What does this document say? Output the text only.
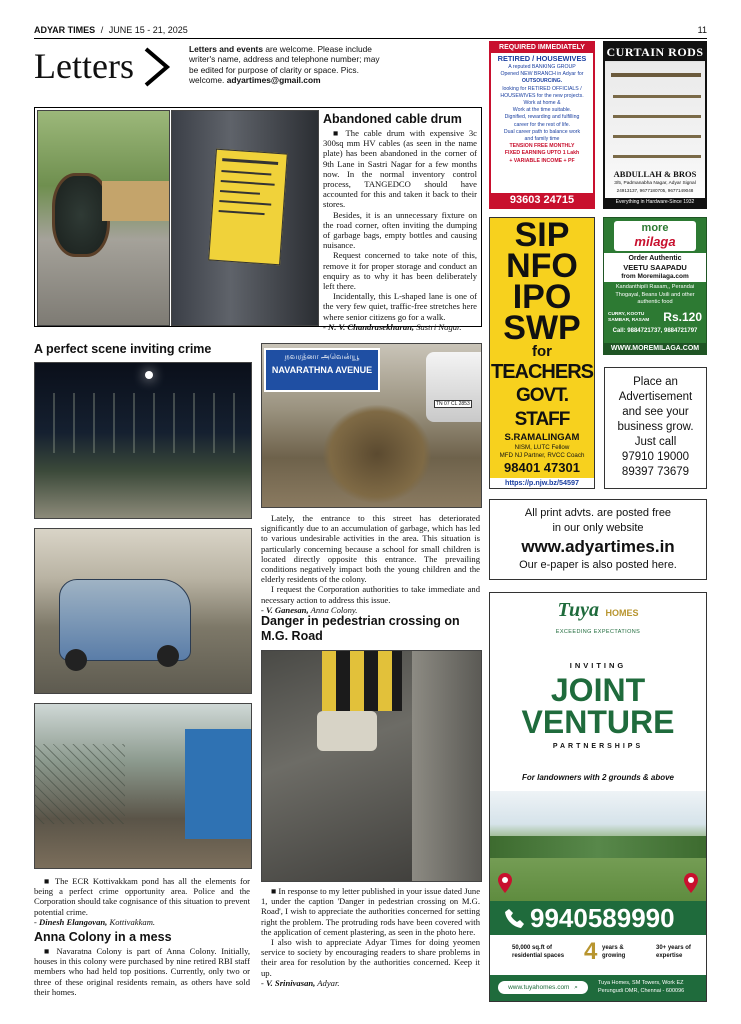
ADYAR TIMES / JUNE 15 - 21, 2025	11
Letters	Letters and events are welcome. Please include writer's name, address and telephone number; may be edited for purpose of clarity or space. Pics. welcome. adyartimes@gmail.com
Abandoned cable drum

■ The cable drum with expensive 3c 300sq mm HV cables (as seen in the name plate) has been abandoned in the corner of 9th Lane in Sastri Nagar for a few months now. In the normal inventory control process, TANGEDCO should have accounted for this and taken it back to their stores.

Besides, it is an unnecessary fixture on the road corner, often inviting the dumping of garbage bags, empty bottles and causing nuisance.

Request concerned to take note of this, remove it for proper storage and conduct an enquiry as to why it has been deliberately left there.

Incidentally, this L-shaped lane is one of the very few quiet, traffic-free stretches here where senior citizens go for a walk.

- N. V. Chandrasekharan, Sastri Nagar.
A perfect scene inviting crime

■ The ECR Kottivakkam pond has all the elements for being a perfect crime opportunity area. Police and the Corporation should take cognisance of this situation to prevent potential crime.

- Dinesh Elangovan, Kottivakkam.
Anna Colony in a mess

■ Navaratna Colony is part of Anna Colony. Initially, houses in this colony were purchased by nine retired RBI staff members who had held top positions. Currently, only two or three of these original residents remain, as others have sold their homes.

நவரத்னா அவென்யூ
NAVARATHNA AVENUE
TN 07 CL 2853

Lately, the entrance to this street has deteriorated significantly due to an accumulation of garbage, which has led to various undesirable activities in the area. This situation is particularly concerning because a school for small children is located directly opposite this entrance. The prevailing conditions negatively impact both the young children and the elderly residents of the colony.

I request the Corporation authorities to take immediate and necessary action to address this issue.

- V. Ganesan, Anna Colony.
Danger in pedestrian crossing on M.G. Road

■ In response to my letter published in your issue dated June 1, under the caption 'Danger in pedestrian crossing on M.G. Road', I wish to appreciate the authorities concerned for setting right the problem. The protruding rods have been covered with the application of cement plastering, as seen in the photo here.

I also wish to appreciate Adyar Times for doing yeomen service to society by encouraging readers to share problems in their area for resolution by the authorities concerned. Keep it up.

- V. Srinivasan, Adyar.
REQUIRED IMMEDIATELY
RETIRED / HOUSEWIVES
A reputed BANKING GROUP
Opened NEW BRANCH in Adyar for
OUTSOURCING.
looking for RETIRED OFFICIALS /
HOUSEWIVES for the new projects.
Work at home &
Work at the time suitable.
Dignified, rewarding and fulfilling
career for the rest of life.
Dual career path to balance work
and family time
TENSION FREE MONTHLY
FIXED EARNING UPTO 1 Lakh
+ VARIABLE INCOME + PF
93603 24715
CURTAIN RODS
ABDULLAH & BROS
3/5, Padmanabha Nagar, Adyar Signal
24913137, 9677180705, 9677149048
Everything in Hardware-Since 1932
SIP
NFO
IPO
SWP
for
TEACHERS
GOVT. STAFF
S.RAMALINGAM
NISM, LUTC Fellow
MFD NJ Partner, RVCC Coach
98401 47301
https://p.njw.bz/54597
more
milaga
Order Authentic
VEETU SAAPADU
from Moremilaga.com
Kandanthipili Rasam,, Perandai Thogayal, Beans Usili and other authentic food
CURRY, KOOTU
SAMBAR, RASAM Rs.120
Call: 9884721737, 9884721797
WWW.MOREMILAGA.COM
Place an
Advertisement
and see your
business grow.
Just call
97910 19000
89397 73679
All print advts. are posted free
in our only website
www.adyartimes.in
Our e-paper is also posted here.
Tuya HOMES
EXCEEDING EXPECTATIONS
INVITING
JOINT
VENTURE
PARTNERSHIPS
For landowners with 2 grounds & above
9940589990
50,000 sq.ft of residential spaces 4 years & growing
30+ years of expertise
www.tuyahomes.com ⌕
Tuya Homes, SM Towers, Work EZ Perungudi OMR, Chennai - 600096
